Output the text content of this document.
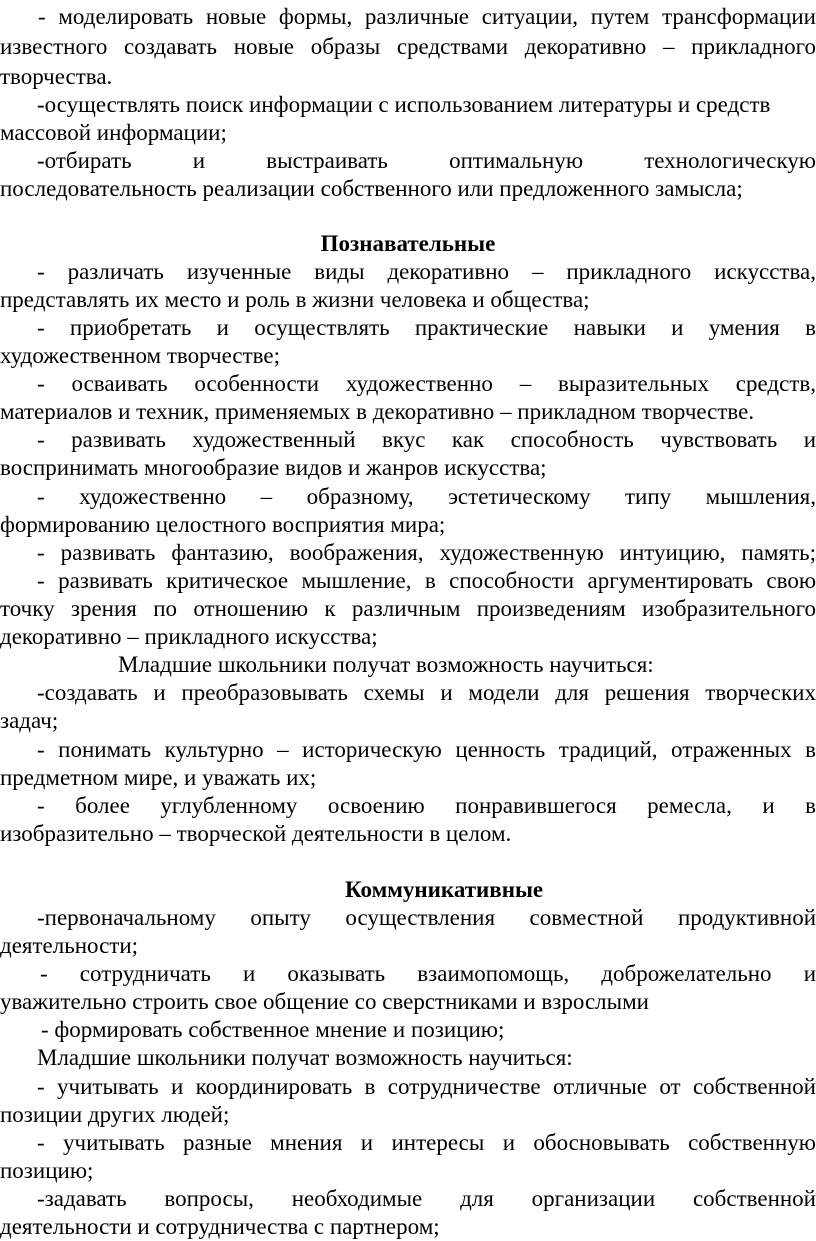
- моделировать новые формы, различные ситуации, путем трансформации
известного создавать новые образы средствами декоративно – прикладного
творчества.
-осуществлять поиск информации с использованием литературы и средств
массовой информации;
-отбирать и выстраивать оптимальную технологическую
последовательность реализации собственного или предложенного замысла;
Познавательные
- различать изученные виды декоративно – прикладного искусства,
представлять их место и роль в жизни человека и общества;
- приобретать и осуществлять практические навыки и умения в
художественном творчестве;
- осваивать особенности художественно – выразительных средств,
материалов и техник, применяемых в декоративно – прикладном творчестве.
- развивать художественный вкус как способность чувствовать и
воспринимать многообразие видов и жанров искусства;
- художественно – образному, эстетическому типу мышления,
формированию целостного восприятия мира;
- развивать фантазию, воображения, художественную интуицию, память;
- развивать критическое мышление, в способности аргументировать свою
точку зрения по отношению к различным произведениям изобразительного
декоративно – прикладного искусства;
Младшие школьники получат возможность научиться:
-создавать и преобразовывать схемы и модели для решения творческих
задач;
- понимать культурно – историческую ценность традиций, отраженных в
предметном мире, и уважать их;
- более углубленному освоению понравившегося ремесла, и в
изобразительно – творческой деятельности в целом.
Коммуникативные
-первоначальному опыту осуществления совместной продуктивной
деятельности;
- сотрудничать и оказывать взаимопомощь, доброжелательно и
уважительно строить свое общение со сверстниками и взрослыми
- формировать собственное мнение и позицию;
Младшие школьники получат возможность научиться:
- учитывать и координировать в сотрудничестве отличные от собственной
позиции других людей;
- учитывать разные мнения и интересы и обосновывать собственную
позицию;
-задавать вопросы, необходимые для организации собственной
деятельности и сотрудничества с партнером;
